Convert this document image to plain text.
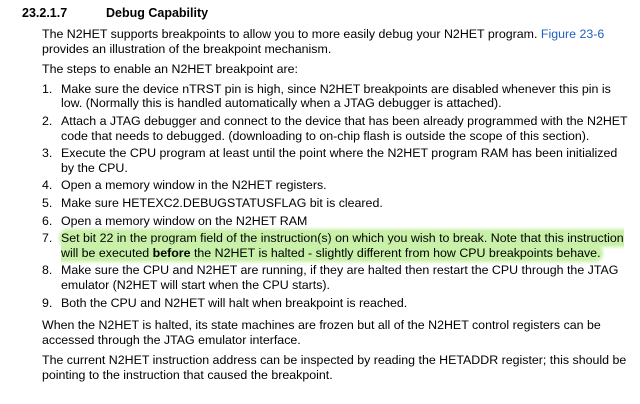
23.2.1.7	Debug Capability

The N2HET supports breakpoints to allow you to more easily debug your N2HET program. Figure 23-6 provides an illustration of the breakpoint mechanism.

The steps to enable an N2HET breakpoint are:

1. Make sure the device nTRST pin is high, since N2HET breakpoints are disabled whenever this pin is low. (Normally this is handled automatically when a JTAG debugger is attached).
2. Attach a JTAG debugger and connect to the device that has been already programmed with the N2HET code that needs to debugged. (downloading to on-chip flash is outside the scope of this section).
3. Execute the CPU program at least until the point where the N2HET program RAM has been initialized by the CPU.
4. Open a memory window in the N2HET registers.
5. Make sure HETEXC2.DEBUGSTATUSFLAG bit is cleared.
6. Open a memory window on the N2HET RAM
7. Set bit 22 in the program field of the instruction(s) on which you wish to break. Note that this instruction will be executed before the N2HET is halted - slightly different from how CPU breakpoints behave.
8. Make sure the CPU and N2HET are running, if they are halted then restart the CPU through the JTAG emulator (N2HET will start when the CPU starts).
9. Both the CPU and N2HET will halt when breakpoint is reached.

When the N2HET is halted, its state machines are frozen but all of the N2HET control registers can be accessed through the JTAG emulator interface.

The current N2HET instruction address can be inspected by reading the HETADDR register; this should be pointing to the instruction that caused the breakpoint.
